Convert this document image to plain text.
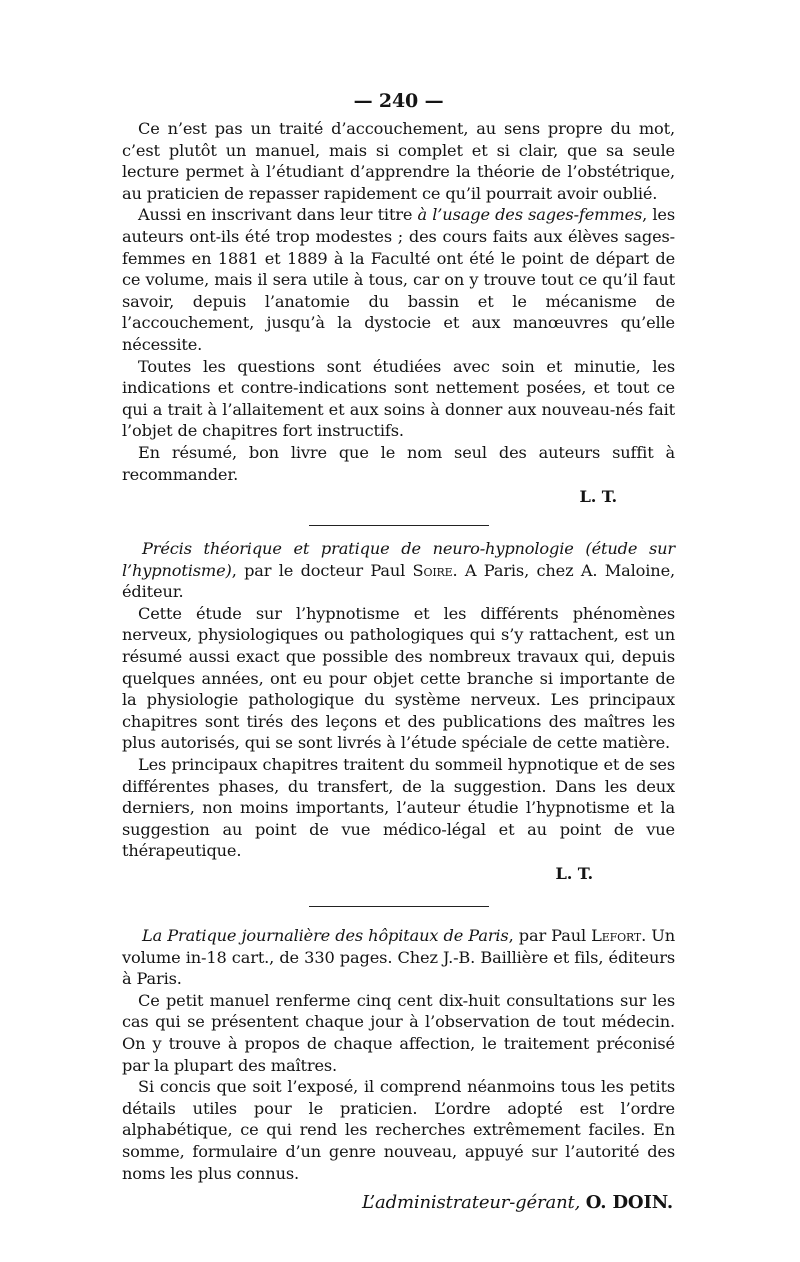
— 240 —

Ce n’est pas un traité d’accouchement, au sens propre du mot, c’est plutôt un manuel, mais si complet et si clair, que sa seule lecture permet à l’étudiant d’apprendre la théorie de l’obstétrique, au praticien de repasser rapidement ce qu’il pourrait avoir oublié.

Aussi en inscrivant dans leur titre à l’usage des sages-femmes, les auteurs ont-ils été trop modestes ; des cours faits aux élèves sages-femmes en 1881 et 1889 à la Faculté ont été le point de départ de ce volume, mais il sera utile à tous, car on y trouve tout ce qu’il faut savoir, depuis l’anatomie du bassin et le mécanisme de l’accouchement, jusqu’à la dystocie et aux manœuvres qu’elle nécessite.

Toutes les questions sont étudiées avec soin et minutie, les indications et contre-indications sont nettement posées, et tout ce qui a trait à l’allaitement et aux soins à donner aux nouveau-nés fait l’objet de chapitres fort instructifs.

En résumé, bon livre que le nom seul des auteurs suffit à recommander.

L. T.

Précis théorique et pratique de neuro-hypnologie (étude sur l’hypnotisme), par le docteur Paul Soire. A Paris, chez A. Maloine, éditeur.

Cette étude sur l’hypnotisme et les différents phénomènes nerveux, physiologiques ou pathologiques qui s’y rattachent, est un résumé aussi exact que possible des nombreux travaux qui, depuis quelques années, ont eu pour objet cette branche si importante de la physiologie pathologique du système nerveux. Les principaux chapitres sont tirés des leçons et des publications des maîtres les plus autorisés, qui se sont livrés à l’étude spéciale de cette matière.

Les principaux chapitres traitent du sommeil hypnotique et de ses différentes phases, du transfert, de la suggestion. Dans les deux derniers, non moins importants, l’auteur étudie l’hypnotisme et la suggestion au point de vue médico-légal et au point de vue thérapeutique.

L. T.

La Pratique journalière des hôpitaux de Paris, par Paul Lefort. Un volume in-18 cart., de 330 pages. Chez J.-B. Baillière et fils, éditeurs à Paris.

Ce petit manuel renferme cinq cent dix-huit consultations sur les cas qui se présentent chaque jour à l’observation de tout médecin. On y trouve à propos de chaque affection, le traitement préconisé par la plupart des maîtres.

Si concis que soit l’exposé, il comprend néanmoins tous les petits détails utiles pour le praticien. L’ordre adopté est l’ordre alphabétique, ce qui rend les recherches extrêmement faciles. En somme, formulaire d’un genre nouveau, appuyé sur l’autorité des noms les plus connus.

L’administrateur-gérant, O. DOIN.
